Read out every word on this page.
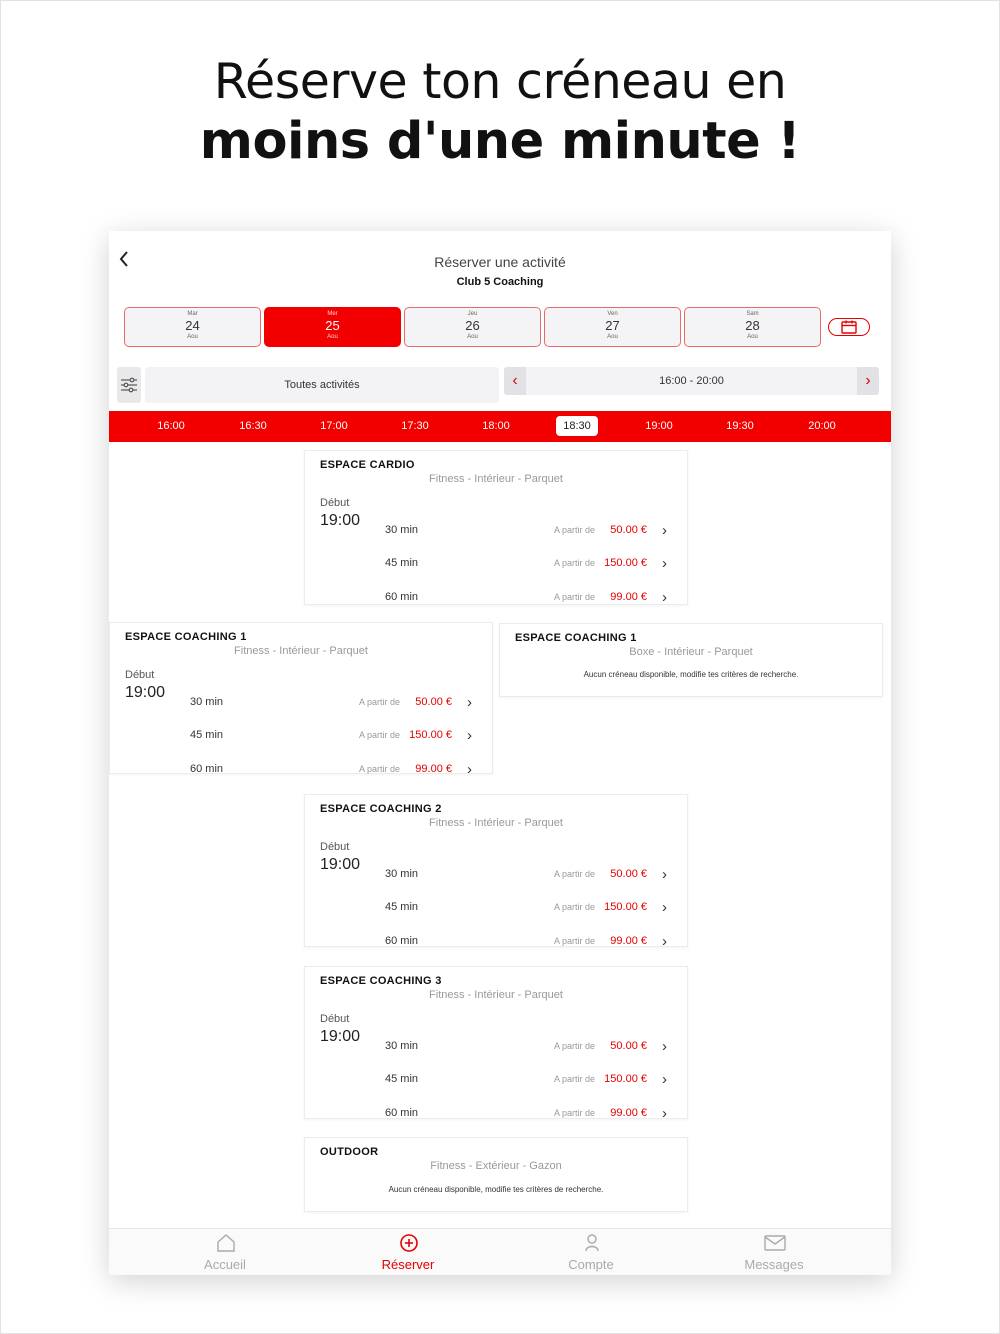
Réserve ton créneau en
moins d'une minute !
Réserver une activité
Club 5 Coaching
Mar
24
Aou
Mer
25
Aou
Jeu
26
Aou
Ven
27
Aou
Sam
28
Aou
Toutes activités	‹	16:00 - 20:00	›
16:00	16:30	17:00	17:30	18:00	18:30	19:00	19:30	20:00
ESPACE CARDIO
Fitness - Intérieur - Parquet
Début
19:00
30 min	A partir de 50.00 € ›
45 min	A partir de 150.00 € ›
60 min	A partir de 99.00 € ›
ESPACE COACHING 1
Fitness - Intérieur - Parquet
Début
19:00
30 min	A partir de 50.00 € ›
45 min	A partir de 150.00 € ›
60 min	A partir de 99.00 € ›
ESPACE COACHING 1
Boxe - Intérieur - Parquet
Aucun créneau disponible, modifie tes critères de recherche.
ESPACE COACHING 2
Fitness - Intérieur - Parquet
Début
19:00
30 min	A partir de 50.00 € ›
45 min	A partir de 150.00 € ›
60 min	A partir de 99.00 € ›
ESPACE COACHING 3
Fitness - Intérieur - Parquet
Début
19:00
30 min	A partir de 50.00 € ›
45 min	A partir de 150.00 € ›
60 min	A partir de 99.00 € ›
OUTDOOR
Fitness - Extérieur - Gazon
Aucun créneau disponible, modifie tes critères de recherche.
Accueil	Réserver	Compte	Messages
